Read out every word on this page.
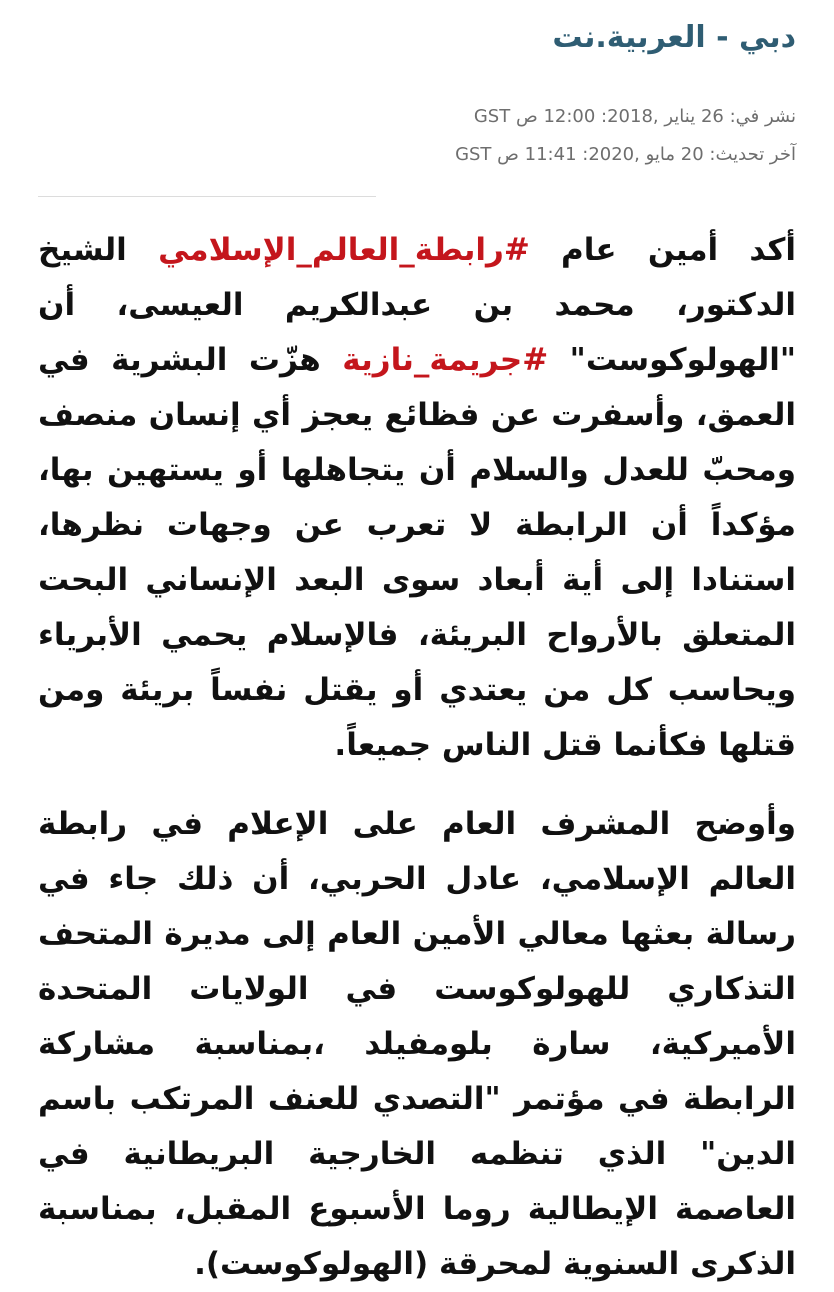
دبي - العربية.نت
نشر في: 26 يناير ,2018: 12:00 ص GST
آخر تحديث: 20 مايو ,2020: 11:41 ص GST

أكد أمين عام #رابطة_العالم_الإسلامي الشيخ الدكتور، محمد بن عبدالكريم العيسى، أن "الهولوكوست" #جريمة_نازية هزّت البشرية في العمق، وأسفرت عن فظائع يعجز أي إنسان منصف ومحبّ للعدل والسلام أن يتجاهلها أو يستهين بها، مؤكداً أن الرابطة لا تعرب عن وجهات نظرها، استنادا إلى أية أبعاد سوى البعد الإنساني البحت المتعلق بالأرواح البريئة، فالإسلام يحمي الأبرياء ويحاسب كل من يعتدي أو يقتل نفساً بريئة ومن قتلها فكأنما قتل الناس جميعاً.

وأوضح المشرف العام على الإعلام في رابطة العالم الإسلامي، عادل الحربي، أن ذلك جاء في رسالة بعثها معالي الأمين العام إلى مديرة المتحف التذكاري للهولوكوست في الولايات المتحدة الأميركية، سارة بلومفيلد ،بمناسبة مشاركة الرابطة في مؤتمر "التصدي للعنف المرتكب باسم الدين" الذي تنظمه الخارجية البريطانية في العاصمة الإيطالية روما الأسبوع المقبل، بمناسبة الذكرى السنوية لمحرقة (الهولوكوست).
